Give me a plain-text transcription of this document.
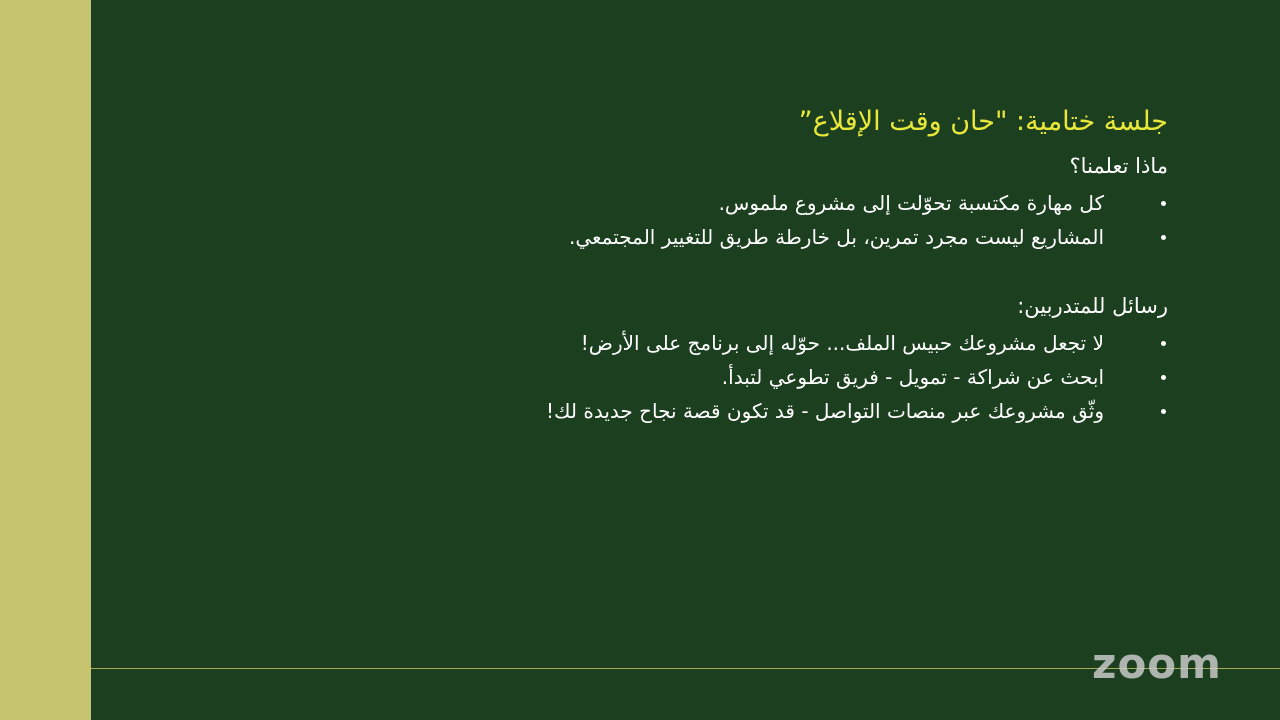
جلسة ختامية: "حان وقت الإقلاع”
ماذا تعلمنا؟
كل مهارة مكتسبة تحوّلت إلى مشروع ملموس.
المشاريع ليست مجرد تمرين، بل خارطة طريق للتغيير المجتمعي.
رسائل للمتدربين:
لا تجعل مشروعك حبيس الملف... حوّله إلى برنامج على الأرض!
ابحث عن شراكة - تمويل - فريق تطوعي لتبدأ.
وثّق مشروعك عبر منصات التواصل - قد تكون قصة نجاح جديدة لك!
zoom
